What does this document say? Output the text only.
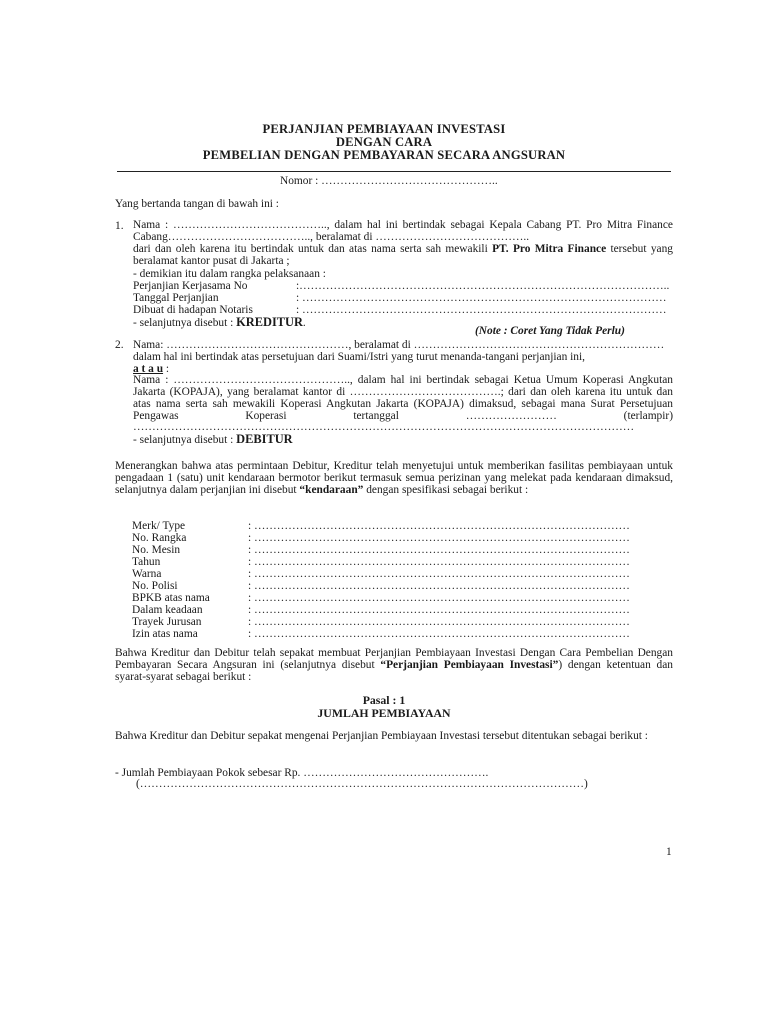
PERJANJIAN PEMBIAYAAN INVESTASI
DENGAN CARA
PEMBELIAN DENGAN PEMBAYARAN SECARA ANGSURAN
Nomor : ………………………………………..
Yang bertanda tangan di bawah ini :
1. Nama : ………………………………….., dalam hal ini bertindak sebagai Kepala Cabang PT. Pro Mitra Finance Cabang……………………………….., beralamat di …………………………………..
dari dan oleh karena itu bertindak untuk dan atas nama serta sah mewakili PT. Pro Mitra Finance tersebut yang beralamat kantor pusat di Jakarta ;
- demikian itu dalam rangka pelaksanaan :
Perjanjian Kerjasama No	:……………………………………………………………………………………..
Tanggal Perjanjian	: ……………………………………………………………………………………
Dibuat di hadapan Notaris	: ……………………………………………………………………………………
- selanjutnya disebut : KREDITUR.
(Note : Coret Yang Tidak Perlu)
2. Nama: …………………………………………, beralamat di …………………………………………………………
dalam hal ini bertindak atas persetujuan dari Suami/Istri yang turut menanda-tangani perjanjian ini,
a t a u :
Nama : ……………………………………….., dalam hal ini bertindak sebagai Ketua Umum Koperasi Angkutan Jakarta (KOPAJA), yang beralamat kantor di ………………………………….; dari dan oleh karena itu untuk dan atas nama serta sah mewakili Koperasi Angkutan Jakarta (KOPAJA) dimaksud, sebagai mana Surat Persetujuan Pengawas Koperasi tertanggal …………………… (terlampir)
……………………………………………………………………………………………………………………
- selanjutnya disebut : DEBITUR
Menerangkan bahwa atas permintaan Debitur, Kreditur telah menyetujui untuk memberikan fasilitas pembiayaan untuk pengadaan 1 (satu) unit kendaraan bermotor berikut termasuk semua perizinan yang melekat pada kendaraan dimaksud, selanjutnya dalam perjanjian ini disebut “kendaraan” dengan spesifikasi sebagai berikut :
Merk/ Type	: ………………………………………………………………………………………
No. Rangka	: ………………………………………………………………………………………
No. Mesin	: ………………………………………………………………………………………
Tahun	: ………………………………………………………………………………………
Warna	: ………………………………………………………………………………………
No. Polisi	: ………………………………………………………………………………………
BPKB atas nama	: ………………………………………………………………………………………
Dalam keadaan	: ………………………………………………………………………………………
Trayek Jurusan	: ………………………………………………………………………………………
Izin atas nama	: ………………………………………………………………………………………
Bahwa Kreditur dan Debitur telah sepakat membuat Perjanjian Pembiayaan Investasi Dengan Cara Pembelian Dengan Pembayaran Secara Angsuran ini (selanjutnya disebut “Perjanjian Pembiayaan Investasi”) dengan ketentuan dan syarat-syarat sebagai berikut :
Pasal : 1
JUMLAH PEMBIAYAAN
Bahwa Kreditur dan Debitur sepakat mengenai Perjanjian Pembiayaan Investasi tersebut ditentukan sebagai berikut :
- Jumlah Pembiayaan Pokok sebesar Rp. ………………………………………….
(………………………………………………………………………………………………………)
1
